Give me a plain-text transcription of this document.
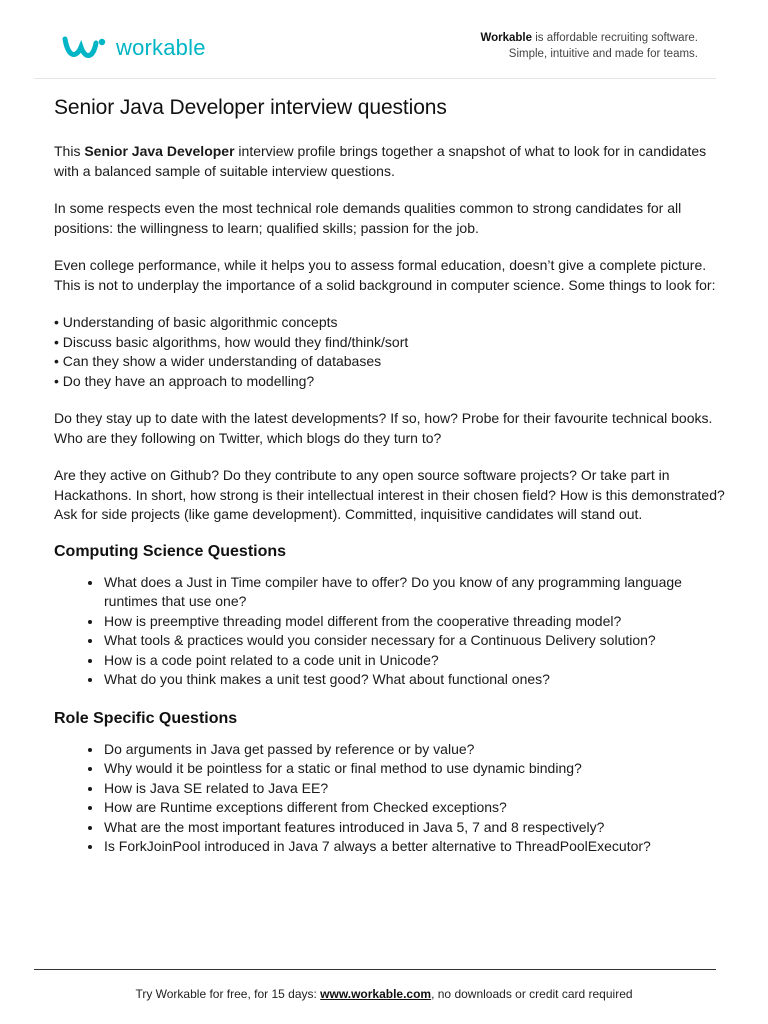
workable	Workable is affordable recruiting software.
Simple, intuitive and made for teams.
Senior Java Developer interview questions

This Senior Java Developer interview profile brings together a snapshot of what to look for in candidates with a balanced sample of suitable interview questions.

In some respects even the most technical role demands qualities common to strong candidates for all positions: the willingness to learn; qualified skills; passion for the job.

Even college performance, while it helps you to assess formal education, doesn’t give a complete picture. This is not to underplay the importance of a solid background in computer science. Some things to look for:

• Understanding of basic algorithmic concepts
• Discuss basic algorithms, how would they find/think/sort
• Can they show a wider understanding of databases
• Do they have an approach to modelling?

Do they stay up to date with the latest developments? If so, how? Probe for their favourite technical books. Who are they following on Twitter, which blogs do they turn to?

Are they active on Github? Do they contribute to any open source software projects? Or take part in Hackathons. In short, how strong is their intellectual interest in their chosen field? How is this demonstrated? Ask for side projects (like game development). Committed, inquisitive candidates will stand out.

Computing Science Questions
• What does a Just in Time compiler have to offer? Do you know of any programming language runtimes that use one?
• How is preemptive threading model different from the cooperative threading model?
• What tools & practices would you consider necessary for a Continuous Delivery solution?
• How is a code point related to a code unit in Unicode?
• What do you think makes a unit test good? What about functional ones?
Role Specific Questions
• Do arguments in Java get passed by reference or by value?
• Why would it be pointless for a static or final method to use dynamic binding?
• How is Java SE related to Java EE?
• How are Runtime exceptions different from Checked exceptions?
• What are the most important features introduced in Java 5, 7 and 8 respectively?
• Is ForkJoinPool introduced in Java 7 always a better alternative to ThreadPoolExecutor?
Try Workable for free, for 15 days: www.workable.com, no downloads or credit card required
